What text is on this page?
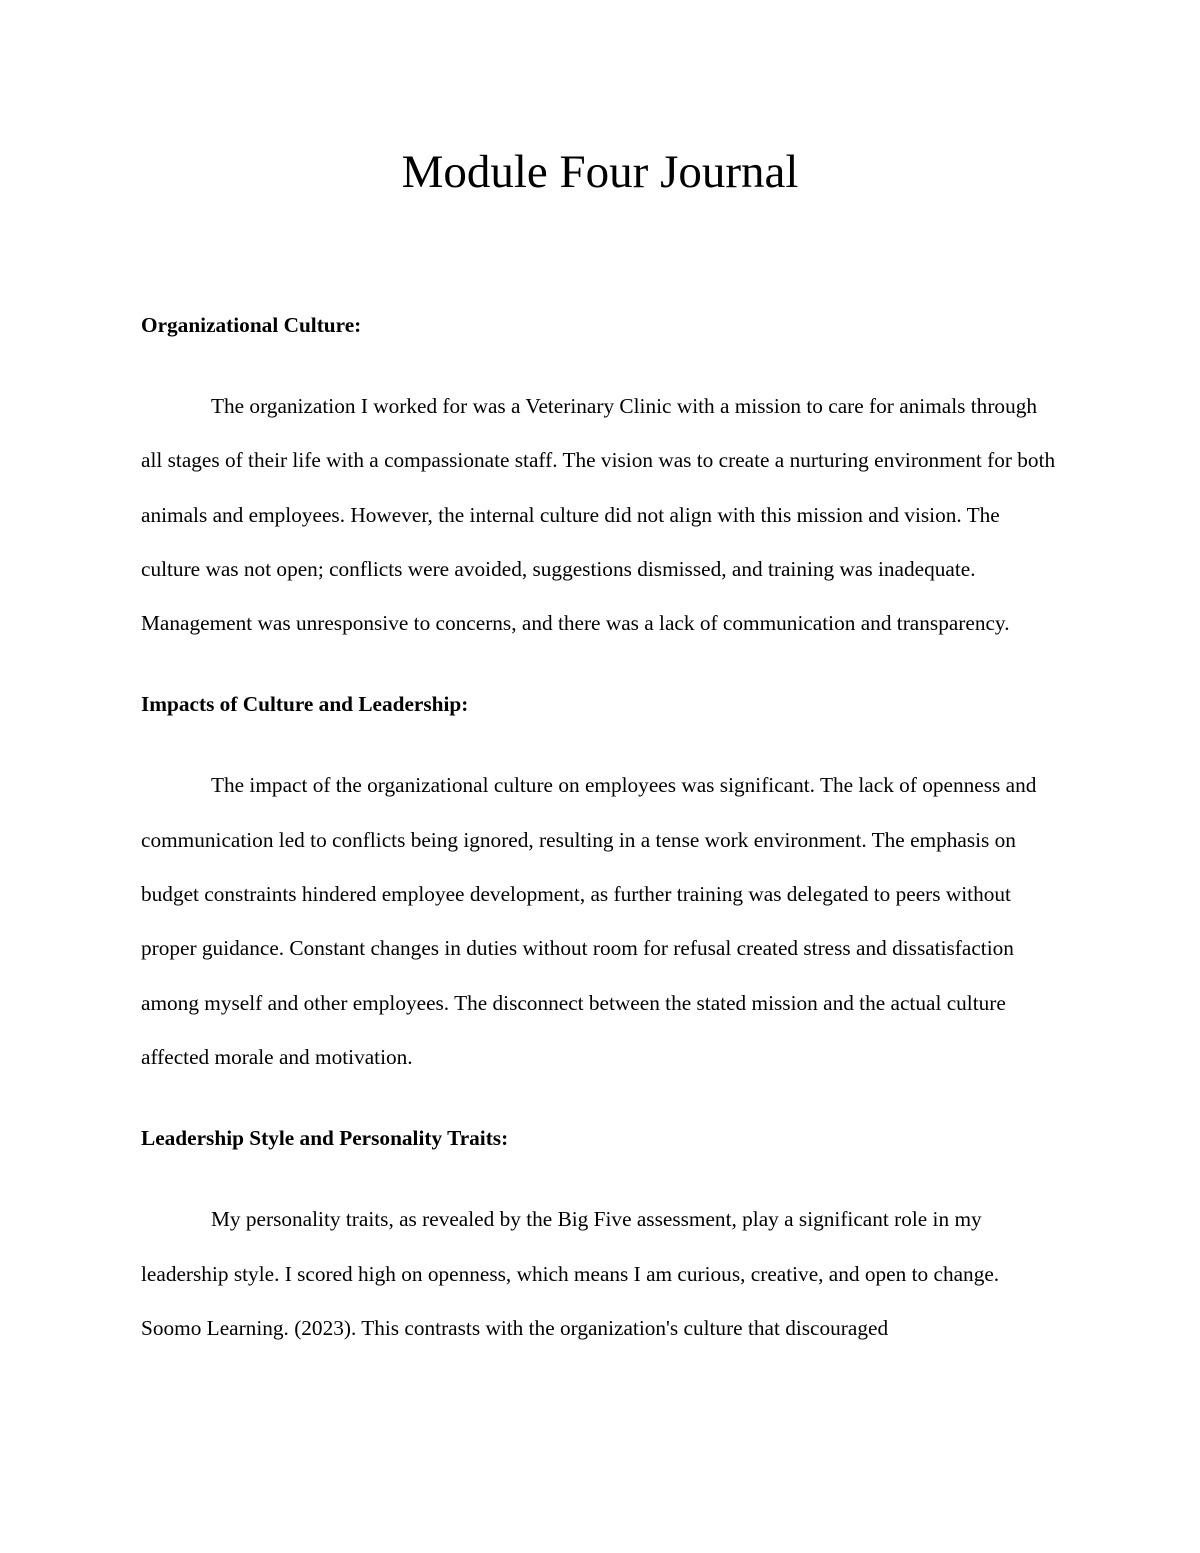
Module Four Journal
Organizational Culture:

The organization I worked for was a Veterinary Clinic with a mission to care for animals through all stages of their life with a compassionate staff. The vision was to create a nurturing environment for both animals and employees. However, the internal culture did not align with this mission and vision. The culture was not open; conflicts were avoided, suggestions dismissed, and training was inadequate. Management was unresponsive to concerns, and there was a lack of communication and transparency.

Impacts of Culture and Leadership:

The impact of the organizational culture on employees was significant. The lack of openness and communication led to conflicts being ignored, resulting in a tense work environment. The emphasis on budget constraints hindered employee development, as further training was delegated to peers without proper guidance. Constant changes in duties without room for refusal created stress and dissatisfaction among myself and other employees. The disconnect between the stated mission and the actual culture affected morale and motivation.

Leadership Style and Personality Traits:

My personality traits, as revealed by the Big Five assessment, play a significant role in my leadership style. I scored high on openness, which means I am curious, creative, and open to change. Soomo Learning. (2023). This contrasts with the organization's culture that discouraged
